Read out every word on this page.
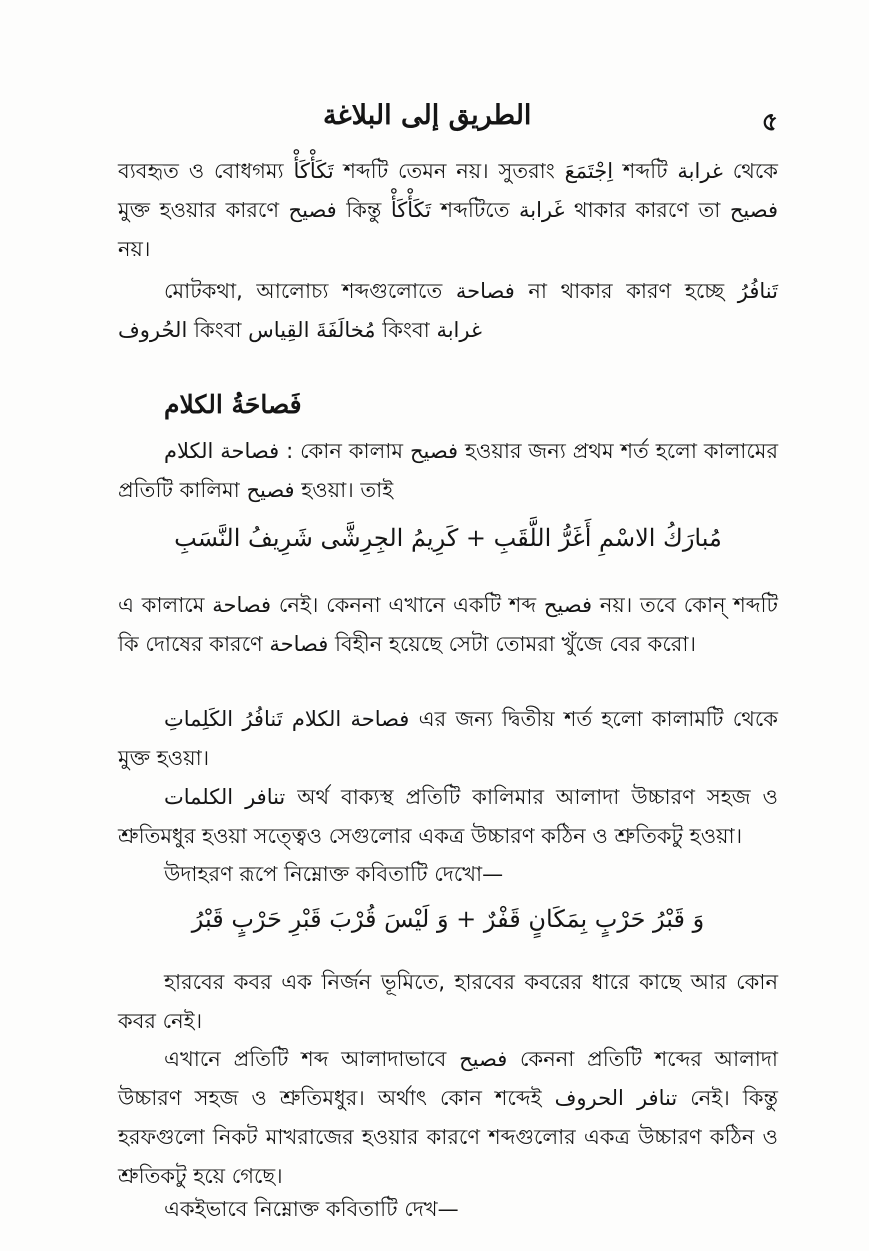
الطريق إلى البلاغة	৫
ব্যবহৃত ও বোধগম্য تَكَأْكَأْ শব্দটি তেমন নয়। সুতরাং اِجْتَمَعَ শব্দটি غرابة থেকে মুক্ত হওয়ার কারণে فصيح কিন্তু تَكَأْكَأْ শব্দটিতে غَرابة থাকার কারণে তা فصيح নয়।
মোটকথা, আলোচ্য শব্দগুলোতে فصاحة না থাকার কারণ হচ্ছে تَنافُرُ الحُروف কিংবা مُخالَفَةَ القِياس কিংবা غرابة
فَصاحَةُ الكلام
فصاحة الكلام : কোন কালাম فصيح হওয়ার জন্য প্রথম শর্ত হলো কালামের প্রতিটি কালিমা فصيح হওয়া। তাই
مُبارَكُ الاسْمِ أَغَرُّ اللَّقَبِ + كَرِيمُ الجِرِشَّى شَرِيفُ النَّسَبِ
এ কালামে فصاحة নেই। কেননা এখানে একটি শব্দ فصيح নয়। তবে কোন্ শব্দটি কি দোষের কারণে فصاحة বিহীন হয়েছে সেটা তোমরা খুঁজে বের করো।
تَنافُرُ الكَلِماتِ فصاحة الكلام এর জন্য দ্বিতীয় শর্ত হলো কালামটি থেকে মুক্ত হওয়া।
تنافر الكلمات অর্থ বাক্যস্থ প্রতিটি কালিমার আলাদা উচ্চারণ সহজ ও শ্রুতিমধুর হওয়া সত্ত্বেও সেগুলোর একত্র উচ্চারণ কঠিন ও শ্রুতিকটু হওয়া।
উদাহরণ রূপে নিম্নোক্ত কবিতাটি দেখো—
وَ قَبْرُ حَرْبٍ بِمَكَانٍ قَفْرٌ + وَ لَيْسَ قُرْبَ قَبْرِ حَرْبٍ قَبْرُ
হারবের কবর এক নির্জন ভূমিতে, হারবের কবরের ধারে কাছে আর কোন কবর নেই।
এখানে প্রতিটি শব্দ আলাদাভাবে فصيح কেননা প্রতিটি শব্দের আলাদা উচ্চারণ সহজ ও শ্রুতিমধুর। অর্থাৎ কোন শব্দেই تنافر الحروف নেই। কিন্তু হরফগুলো নিকট মাখরাজের হওয়ার কারণে শব্দগুলোর একত্র উচ্চারণ কঠিন ও শ্রুতিকটু হয়ে গেছে।
একইভাবে নিম্নোক্ত কবিতাটি দেখ—
